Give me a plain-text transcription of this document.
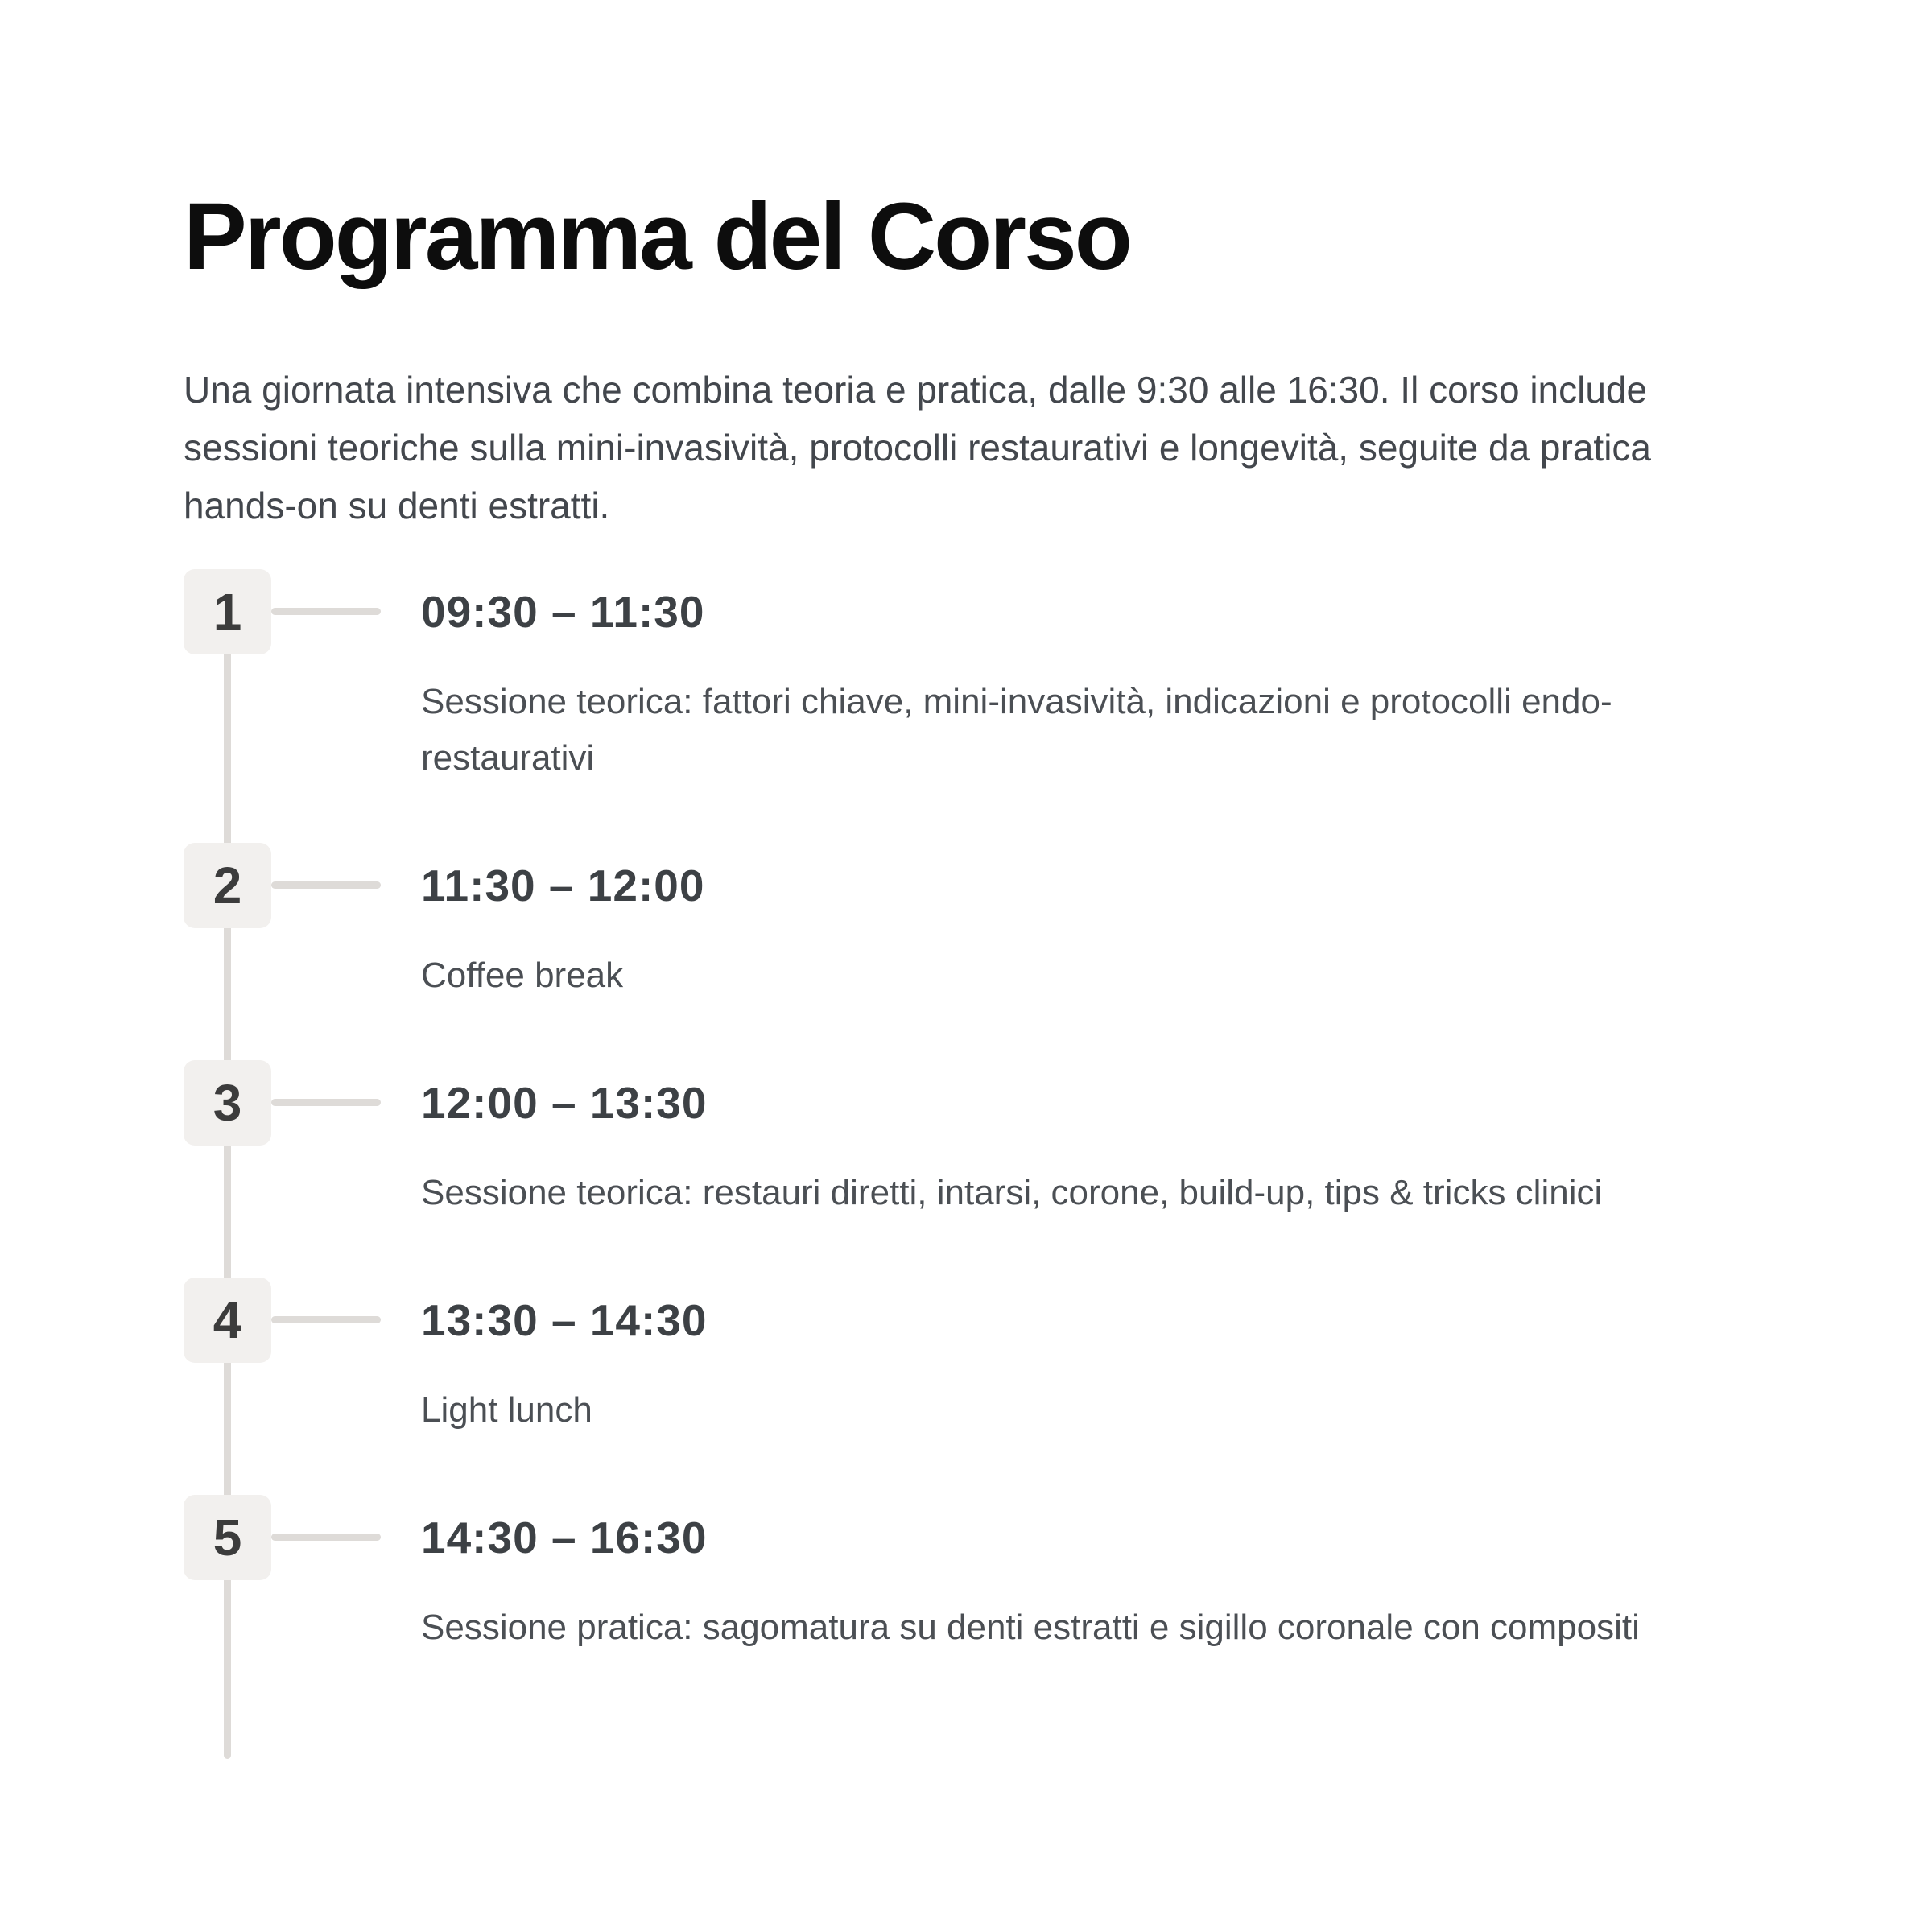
Programma del Corso

Una giornata intensiva che combina teoria e pratica, dalle 9:30 alle 16:30. Il corso include sessioni teoriche sulla mini-invasività, protocolli restaurativi e longevità, seguite da pratica hands-on su denti estratti.

1	09:30 – 11:30
Sessione teorica: fattori chiave, mini-invasività, indicazioni e protocolli endo-restaurativi
2	11:30 – 12:00
Coffee break
3	12:00 – 13:30
Sessione teorica: restauri diretti, intarsi, corone, build-up, tips & tricks clinici
4	13:30 – 14:30
Light lunch
5	14:30 – 16:30
Sessione pratica: sagomatura su denti estratti e sigillo coronale con compositi
